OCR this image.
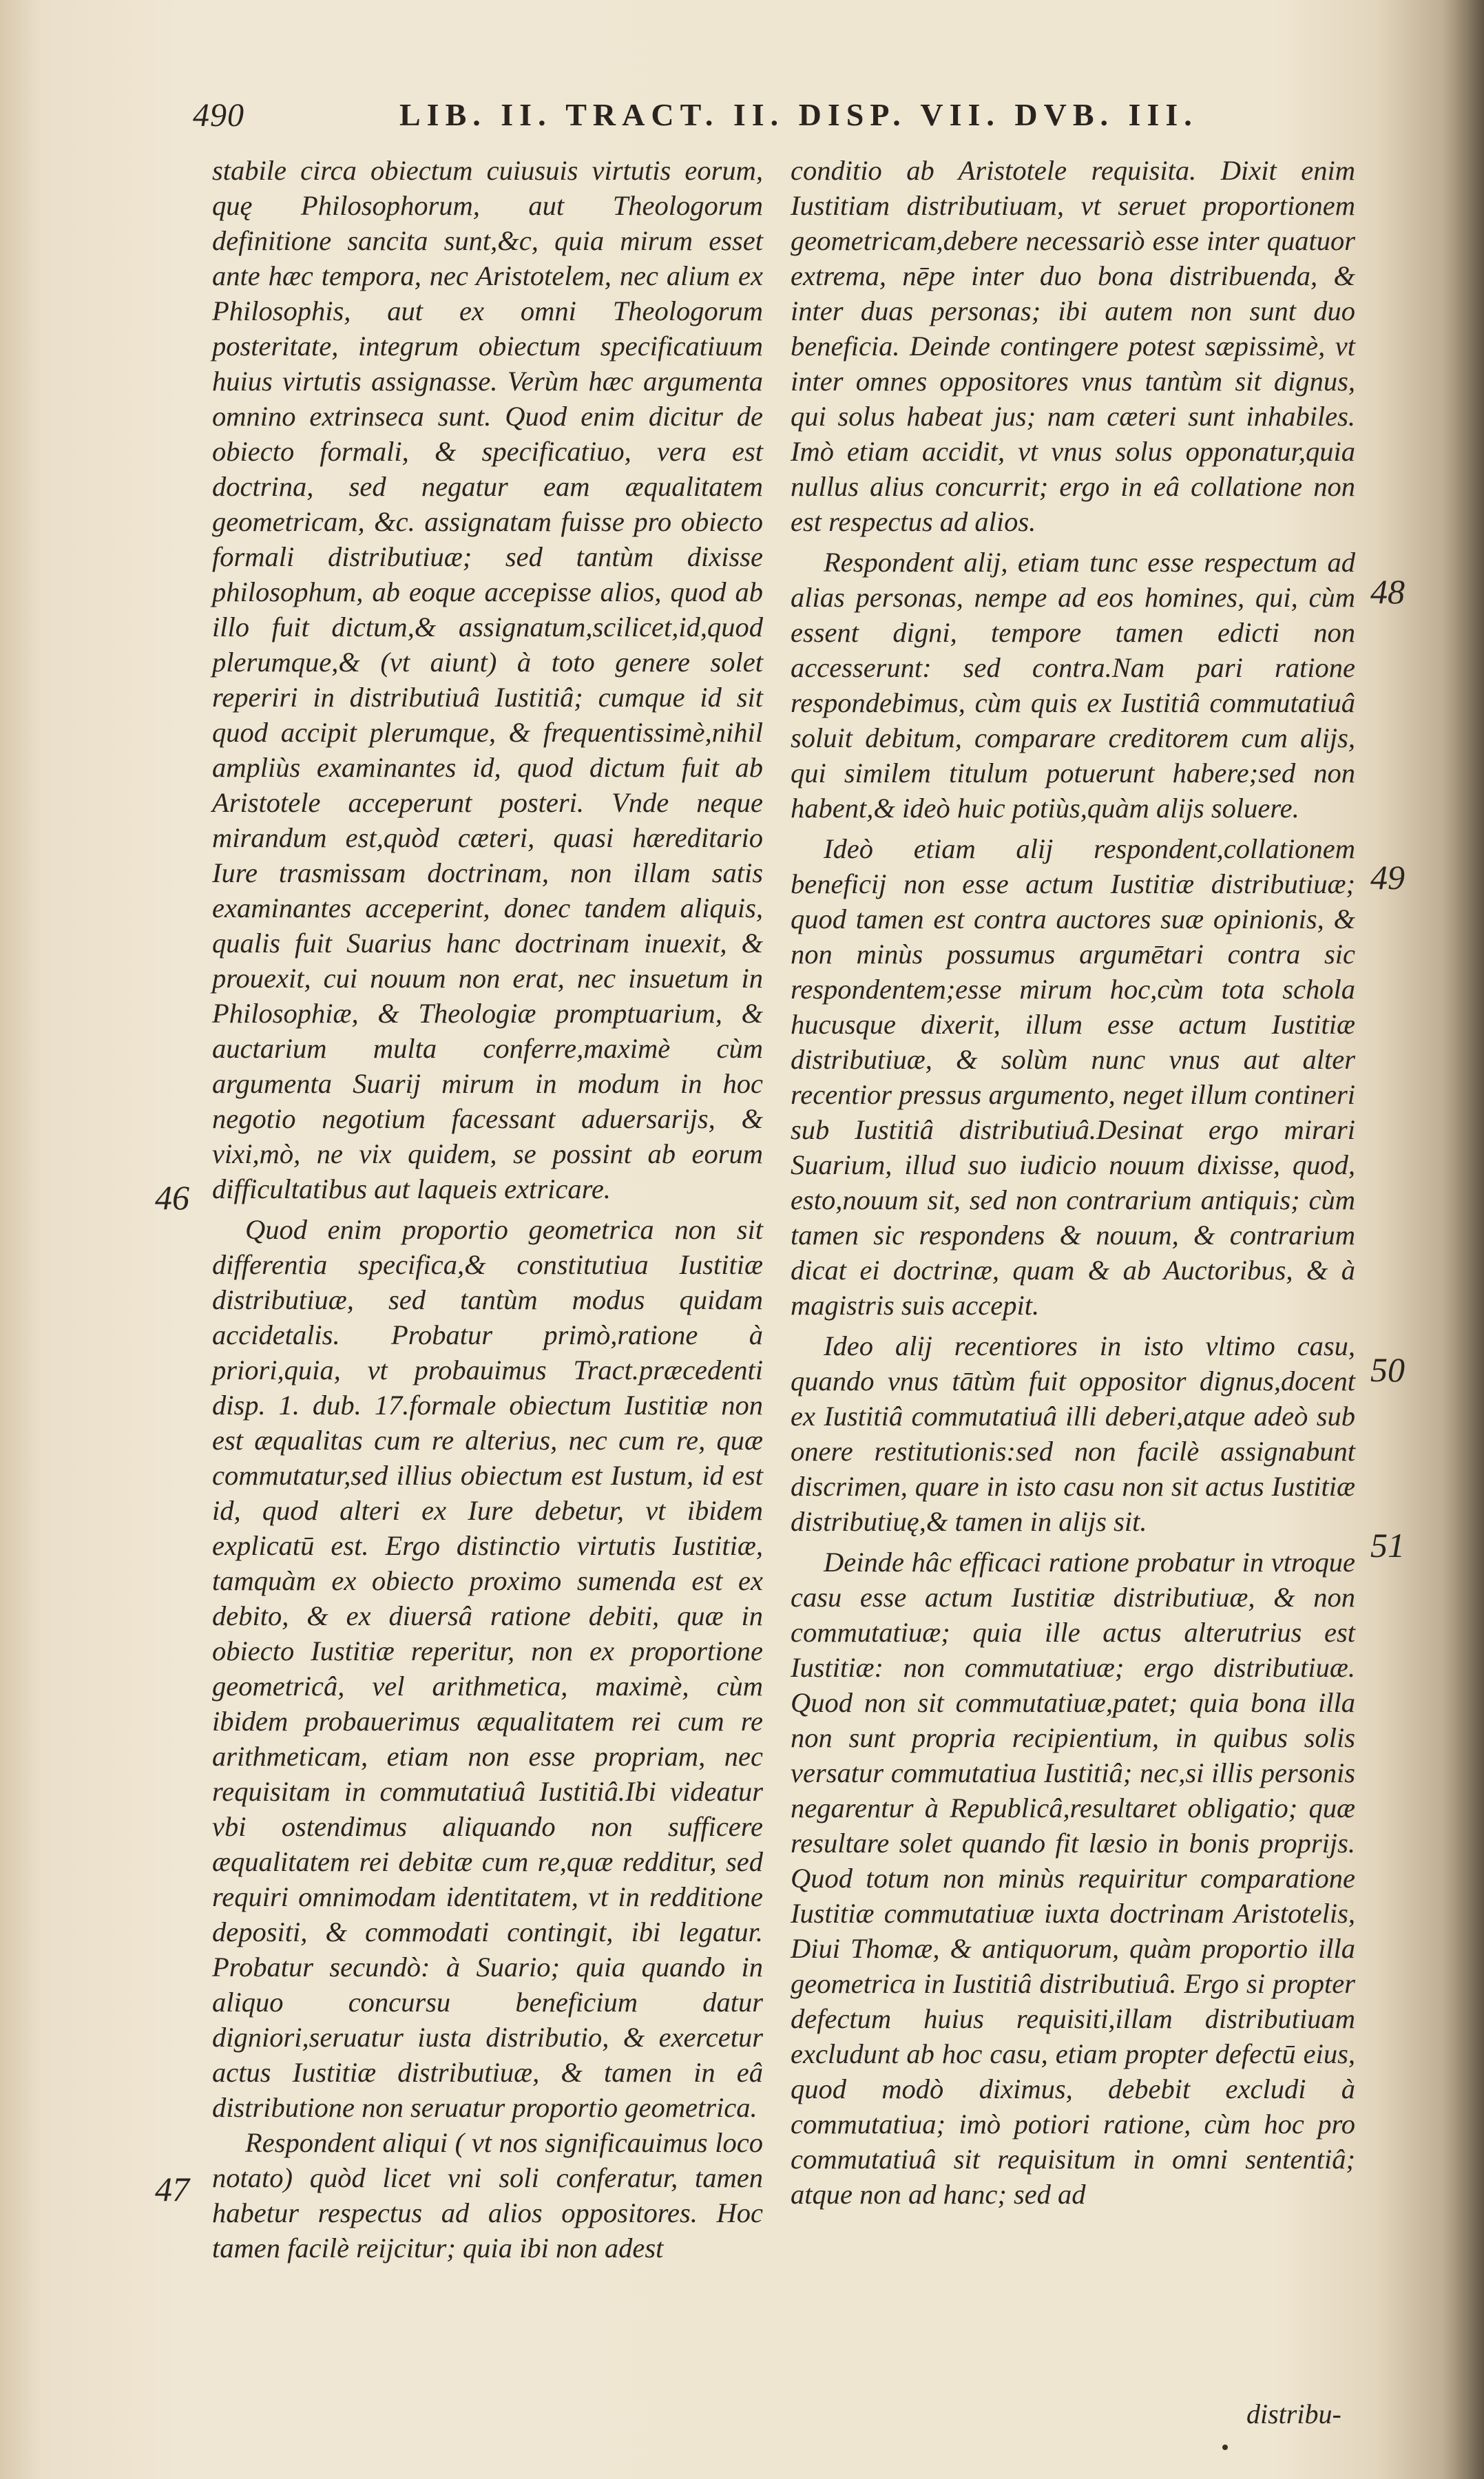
490	LIB. II. TRACT. II. DISP. VII. DVB. III.

stabile circa obiectum cuiusuis virtutis eorum, quę Philosophorum, aut Theologorum definitione sancita sunt,&c, quia mirum esset ante hæc tempora, nec Aristotelem, nec alium ex Philosophis, aut ex omni Theologorum posteritate, integrum obiectum specificatiuum huius virtutis assignasse. Verùm hæc argumenta omnino extrinseca sunt. Quod enim dicitur de obiecto formali, & specificatiuo, vera est doctrina, sed negatur eam æqualitatem geometricam, &c. assignatam fuisse pro obiecto formali distributiuæ; sed tantùm dixisse philosophum, ab eoque accepisse alios, quod ab illo fuit dictum,& assignatum,scilicet,id,quod plerumque,& (vt aiunt) à toto genere solet reperiri in distributiuâ Iustitiâ; cumque id sit quod accipit plerumque, & frequentissimè,nihil ampliùs examinantes id, quod dictum fuit ab Aristotele acceperunt posteri. Vnde neque mirandum est,quòd cæteri, quasi hæreditario Iure trasmissam doctrinam, non illam satis examinantes acceperint, donec tandem aliquis, qualis fuit Suarius hanc doctrinam inuexit, & prouexit, cui nouum non erat, nec insuetum in Philosophiæ, & Theologiæ promptuarium, & auctarium multa conferre,maximè cùm argumenta Suarij mirum in modum in hoc negotio negotium facessant aduersarijs, & vixi,mò, ne vix quidem, se possint ab eorum difficultatibus aut laqueis extricare.

Quod enim proportio geometrica non sit differentia specifica,& constitutiua Iustitiæ distributiuæ, sed tantùm modus quidam accidetalis. Probatur primò,ratione à priori,quia, vt probauimus Tract.præcedenti disp. 1. dub. 17.formale obiectum Iustitiæ non est æqualitas cum re alterius, nec cum re, quæ commutatur,sed illius obiectum est Iustum, id est id, quod alteri ex Iure debetur, vt ibidem explicatū est. Ergo distinctio virtutis Iustitiæ, tamquàm ex obiecto proximo sumenda est ex debito, & ex diuersâ ratione debiti, quæ in obiecto Iustitiæ reperitur, non ex proportione geometricâ, vel arithmetica, maximè, cùm ibidem probauerimus æqualitatem rei cum re arithmeticam, etiam non esse propriam, nec requisitam in commutatiuâ Iustitiâ.Ibi videatur vbi ostendimus aliquando non sufficere æqualitatem rei debitæ cum re,quæ redditur, sed requiri omnimodam identitatem, vt in redditione depositi, & commodati contingit, ibi legatur. Probatur secundò: à Suario; quia quando in aliquo concursu beneficium datur digniori,seruatur iusta distributio, & exercetur actus Iustitiæ distributiuæ, & tamen in eâ distributione non seruatur proportio geometrica.

Respondent aliqui ( vt nos significauimus loco notato) quòd licet vni soli conferatur, tamen habetur respectus ad alios oppositores. Hoc tamen facilè reijcitur; quia ibi non adest

conditio ab Aristotele requisita. Dixit enim Iustitiam distributiuam, vt seruet proportionem geometricam,debere necessariò esse inter quatuor extrema, nēpe inter duo bona distribuenda, & inter duas personas; ibi autem non sunt duo beneficia. Deinde contingere potest sæpissimè, vt inter omnes oppositores vnus tantùm sit dignus, qui solus habeat jus; nam cæteri sunt inhabiles. Imò etiam accidit, vt vnus solus opponatur,quia nullus alius concurrit; ergo in eâ collatione non est respectus ad alios.

Respondent alij, etiam tunc esse respectum ad alias personas, nempe ad eos homines, qui, cùm essent digni, tempore tamen edicti non accesserunt: sed contra.Nam pari ratione respondebimus, cùm quis ex Iustitiâ commutatiuâ soluit debitum, comparare creditorem cum alijs, qui similem titulum potuerunt habere;sed non habent,& ideò huic potiùs,quàm alijs soluere.

Ideò etiam alij respondent,collationem beneficij non esse actum Iustitiæ distributiuæ; quod tamen est contra auctores suæ opinionis, & non minùs possumus argumētari contra sic respondentem;esse mirum hoc,cùm tota schola hucusque dixerit, illum esse actum Iustitiæ distributiuæ, & solùm nunc vnus aut alter recentior pressus argumento, neget illum contineri sub Iustitiâ distributiuâ.Desinat ergo mirari Suarium, illud suo iudicio nouum dixisse, quod, esto,nouum sit, sed non contrarium antiquis; cùm tamen sic respondens & nouum, & contrarium dicat ei doctrinæ, quam & ab Auctoribus, & à magistris suis accepit.

Ideo alij recentiores in isto vltimo casu, quando vnus tātùm fuit oppositor dignus,docent ex Iustitiâ commutatiuâ illi deberi,atque adeò sub onere restitutionis:sed non facilè assignabunt discrimen, quare in isto casu non sit actus Iustitiæ distributiuę,& tamen in alijs sit.

Deinde hâc efficaci ratione probatur in vtroque casu esse actum Iustitiæ distributiuæ, & non commutatiuæ; quia ille actus alterutrius est Iustitiæ: non commutatiuæ; ergo distributiuæ. Quod non sit commutatiuæ,patet; quia bona illa non sunt propria recipientium, in quibus solis versatur commutatiua Iustitiâ; nec,si illis personis negarentur à Republicâ,resultaret obligatio; quæ resultare solet quando fit læsio in bonis proprijs. Quod totum non minùs requiritur comparatione Iustitiæ commutatiuæ iuxta doctrinam Aristotelis, Diui Thomæ, & antiquorum, quàm proportio illa geometrica in Iustitiâ distributiuâ. Ergo si propter defectum huius requisiti,illam distributiuam excludunt ab hoc casu, etiam propter defectū eius, quod modò diximus, debebit excludi à commutatiua; imò potiori ratione, cùm hoc pro commutatiuâ sit requisitum in omni sententiâ; atque non ad hanc; sed ad

46
47
48
49
50
51
distribu-
